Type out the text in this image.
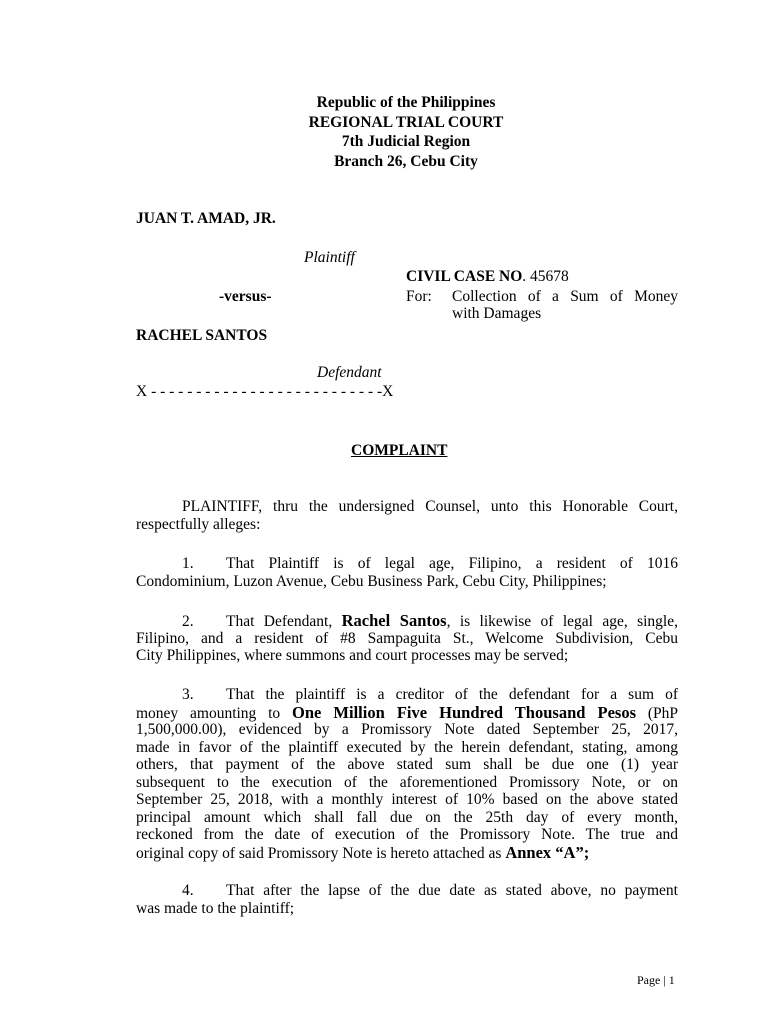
Republic of the Philippines
REGIONAL TRIAL COURT
7th Judicial Region
Branch 26, Cebu City
JUAN T. AMAD, JR.
Plaintiff
CIVIL CASE NO. 45678
-versus-	For: Collection of a Sum of Money
with Damages
RACHEL SANTOS
Defendant
X - - - - - - - - - - - - - - - - - - - - - - - - - -X
COMPLAINT
PLAINTIFF, thru the undersigned Counsel, unto this Honorable Court,
respectfully alleges:
1. That Plaintiff is of legal age, Filipino, a resident of 1016
Condominium, Luzon Avenue, Cebu Business Park, Cebu City, Philippines;
2. That Defendant, Rachel Santos, is likewise of legal age, single,
Filipino, and a resident of #8 Sampaguita St., Welcome Subdivision, Cebu
City Philippines, where summons and court processes may be served;
3. That the plaintiff is a creditor of the defendant for a sum of
money amounting to One Million Five Hundred Thousand Pesos (PhP
1,500,000.00), evidenced by a Promissory Note dated September 25, 2017,
made in favor of the plaintiff executed by the herein defendant, stating, among
others, that payment of the above stated sum shall be due one (1) year
subsequent to the execution of the aforementioned Promissory Note, or on
September 25, 2018, with a monthly interest of 10% based on the above stated
principal amount which shall fall due on the 25th day of every month,
reckoned from the date of execution of the Promissory Note. The true and
original copy of said Promissory Note is hereto attached as Annex “A”;
4. That after the lapse of the due date as stated above, no payment
was made to the plaintiff;
Page | 1
